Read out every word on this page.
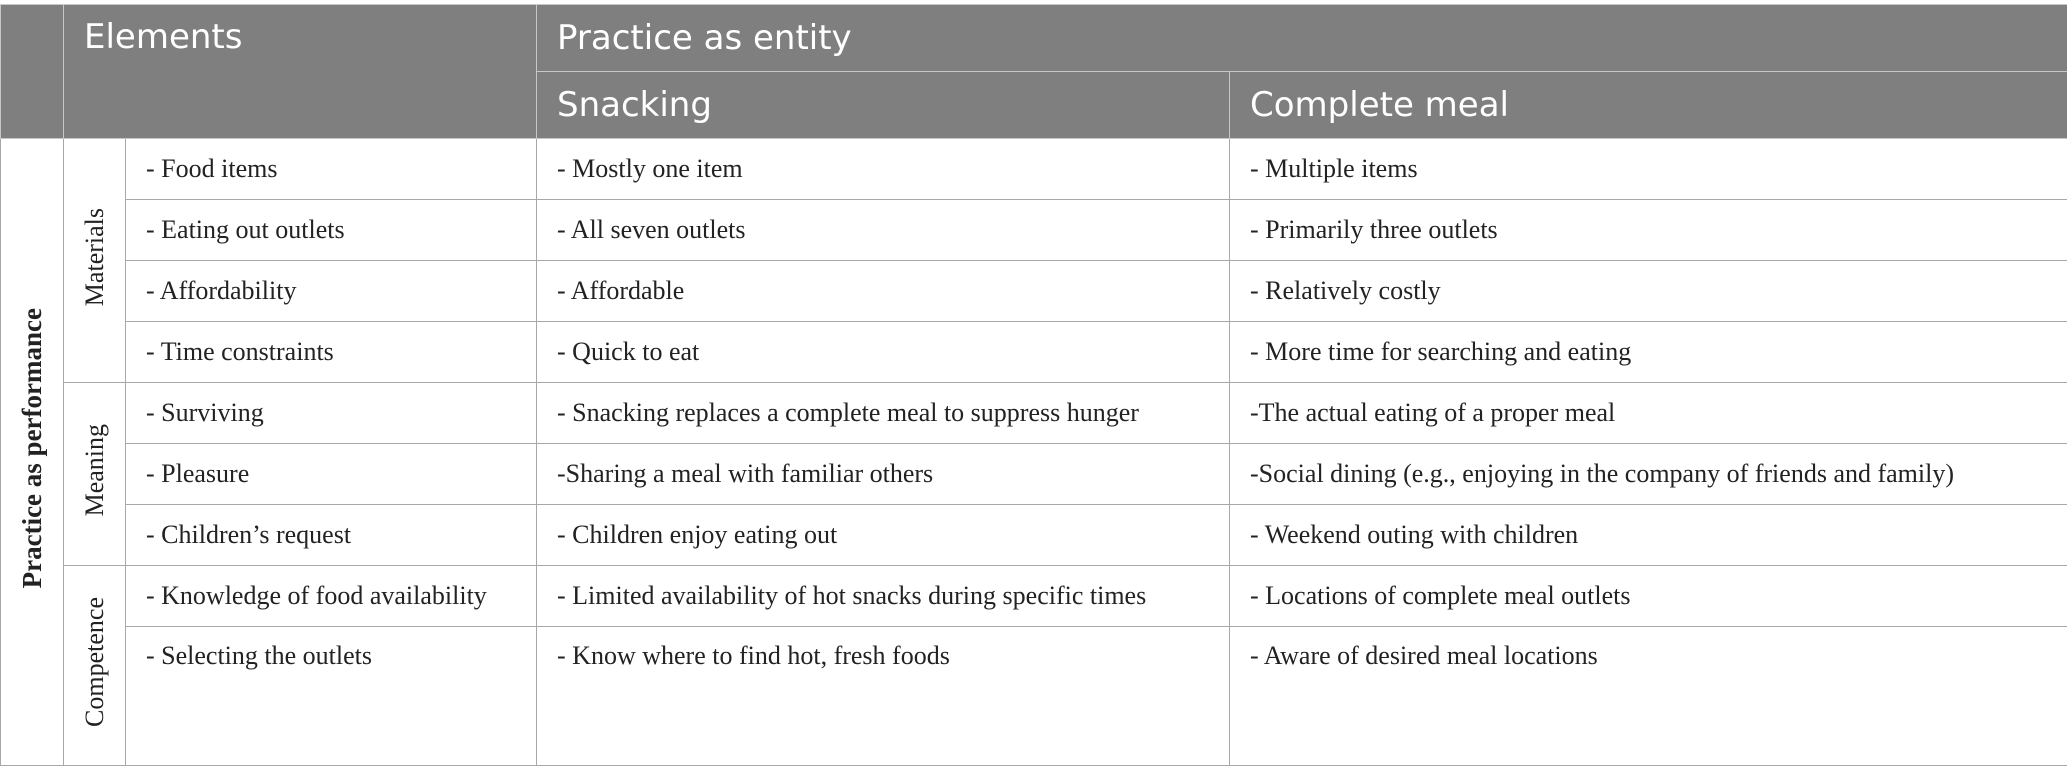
	Elements		Practice as entity	
			Snacking	Complete meal
Practice as performance	Materials	- Food items	- Mostly one item	- Multiple items
		- Eating out outlets	- All seven outlets	- Primarily three outlets
		- Affordability	- Affordable	- Relatively costly
		- Time constraints	- Quick to eat	- More time for searching and eating
	Meaning	- Surviving	- Snacking replaces a complete meal to suppress hunger	-The actual eating of a proper meal
		- Pleasure	-Sharing a meal with familiar others	-Social dining (e.g., enjoying in the company of friends and family)
		- Children’s request	- Children enjoy eating out	- Weekend outing with children
	Competence	- Knowledge of food availability	- Limited availability of hot snacks during specific times	- Locations of complete meal outlets
		- Selecting the outlets	- Know where to find hot, fresh foods	- Aware of desired meal locations
